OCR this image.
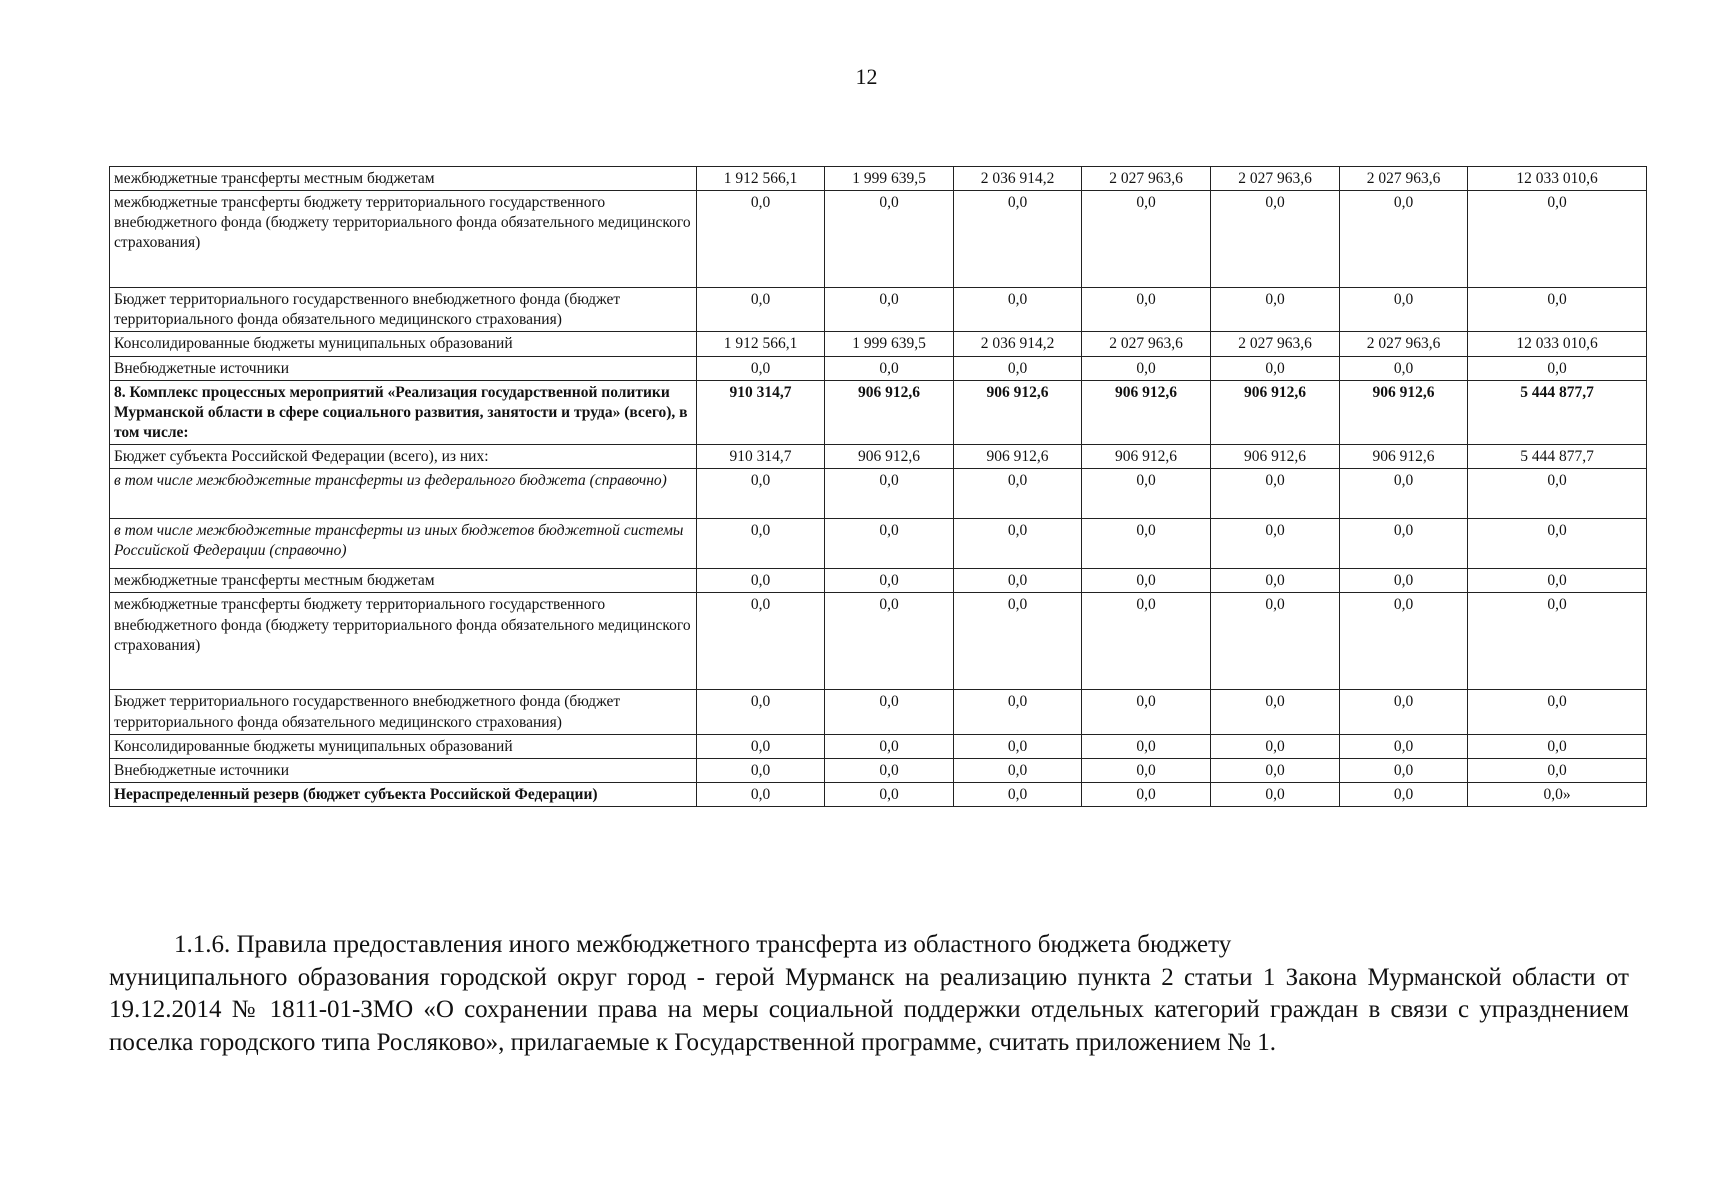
12
межбюджетные трансферты местным бюджетам	1 912 566,1	1 999 639,5	2 036 914,2	2 027 963,6	2 027 963,6	2 027 963,6	12 033 010,6
межбюджетные трансферты бюджету территориального государственного внебюджетного фонда (бюджету территориального фонда обязательного медицинского страхования)	0,0	0,0	0,0	0,0	0,0	0,0	0,0
Бюджет территориального государственного внебюджетного фонда (бюджет территориального фонда обязательного медицинского страхования)	0,0	0,0	0,0	0,0	0,0	0,0	0,0
Консолидированные бюджеты муниципальных образований	1 912 566,1	1 999 639,5	2 036 914,2	2 027 963,6	2 027 963,6	2 027 963,6	12 033 010,6
Внебюджетные источники	0,0	0,0	0,0	0,0	0,0	0,0	0,0
8. Комплекс процессных мероприятий «Реализация государственной политики Мурманской области в сфере социального развития, занятости и труда» (всего), в том числе:	910 314,7	906 912,6	906 912,6	906 912,6	906 912,6	906 912,6	5 444 877,7
Бюджет субъекта Российской Федерации (всего), из них:	910 314,7	906 912,6	906 912,6	906 912,6	906 912,6	906 912,6	5 444 877,7
в том числе межбюджетные трансферты из федерального бюджета (справочно)	0,0	0,0	0,0	0,0	0,0	0,0	0,0
в том числе межбюджетные трансферты из иных бюджетов бюджетной системы Российской Федерации (справочно)	0,0	0,0	0,0	0,0	0,0	0,0	0,0
межбюджетные трансферты местным бюджетам	0,0	0,0	0,0	0,0	0,0	0,0	0,0
межбюджетные трансферты бюджету территориального государственного внебюджетного фонда (бюджету территориального фонда обязательного медицинского страхования)	0,0	0,0	0,0	0,0	0,0	0,0	0,0
Бюджет территориального государственного внебюджетного фонда (бюджет территориального фонда обязательного медицинского страхования)	0,0	0,0	0,0	0,0	0,0	0,0	0,0
Консолидированные бюджеты муниципальных образований	0,0	0,0	0,0	0,0	0,0	0,0	0,0
Внебюджетные источники	0,0	0,0	0,0	0,0	0,0	0,0	0,0
Нераспределенный резерв (бюджет субъекта Российской Федерации)	0,0	0,0	0,0	0,0	0,0	0,0	0,0»
1.1.6. Правила предоставления иного межбюджетного трансферта из областного бюджета бюджету
муниципального образования городской округ город - герой Мурманск на реализацию пункта 2 статьи 1 Закона Мурманской области от 19.12.2014 № 1811-01-ЗМО «О сохранении права на меры социальной поддержки отдельных категорий граждан в связи с упразднением поселка городского типа Росляково», прилагаемые к Государственной программе, считать приложением № 1.
